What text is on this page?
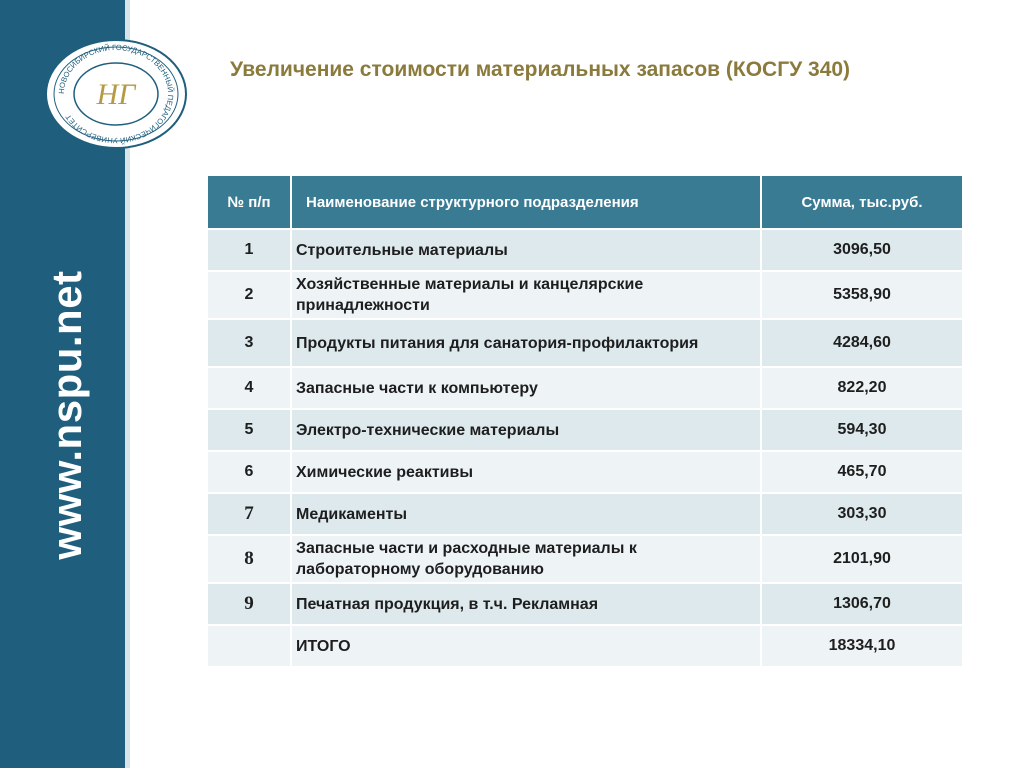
www.nspu.net
НОВОСИБИРСКИЙ ГОСУДАРСТВЕННЫЙ ПЕДАГОГИЧЕСКИЙ УНИВЕРСИТЕТ
НГ
Увеличение стоимости материальных запасов (КОСГУ 340)
№ п/п	Наименование структурного подразделения	Сумма, тыс.руб.
1	Строительные материалы	3096,50
2	Хозяйственные материалы и канцелярские принадлежности	5358,90
3	Продукты питания для санатория-профилактория	4284,60
4	Запасные части к компьютеру	822,20
5	Электро-технические материалы	594,30
6	Химические реактивы	465,70
7	Медикаменты	303,30
8	Запасные части и расходные материалы к лабораторному оборудованию	2101,90
9	Печатная продукция, в т.ч. Рекламная	1306,70
	ИТОГО	18334,10
